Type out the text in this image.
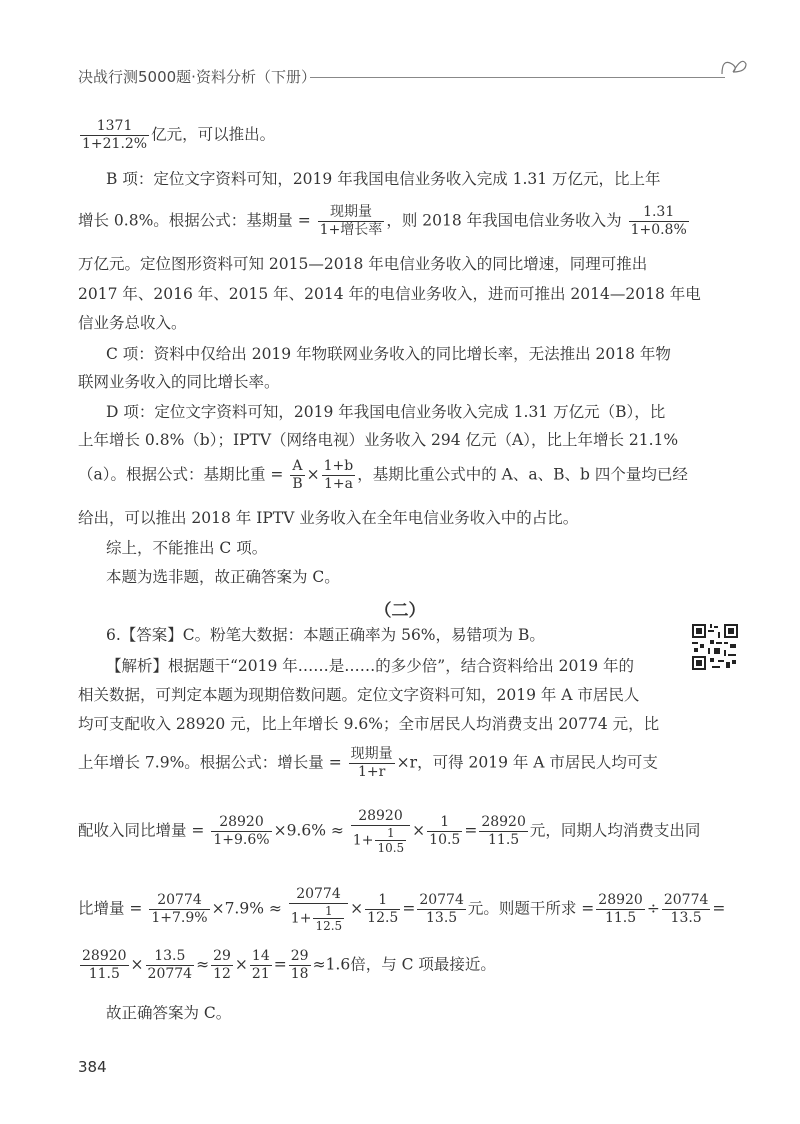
决战行测5000题·资料分析（下册）
$\frac{1371}{1+21.2\%}$ 亿元，可以推出。
B 项：定位文字资料可知，2019 年我国电信业务收入完成 1.31 万亿元，比上年
增长 0.8%。根据公式：基期量 = $\frac{\text{现期量}}{\text{1+增长率}}$ ，则 2018 年我国电信业务收入为 $\frac{1.31}{1+0.8\%}$
万亿元。定位图形资料可知 2015—2018 年电信业务收入的同比增速，同理可推出
2017 年、2016 年、2015 年、2014 年的电信业务收入，进而可推出 2014—2018 年电
信业务总收入。
C 项：资料中仅给出 2019 年物联网业务收入的同比增长率，无法推出 2018 年物
联网业务收入的同比增长率。
D 项：定位文字资料可知，2019 年我国电信业务收入完成 1.31 万亿元（B），比
上年增长 0.8%（b）；IPTV（网络电视）业务收入 294 亿元（A），比上年增长 21.1%
（a）。根据公式：基期比重 = $\frac{A}{B} \times \frac{1+b}{1+a}$ ，基期比重公式中的 A、a、B、b 四个量均已经
给出，可以推出 2018 年 IPTV 业务收入在全年电信业务收入中的占比。
综上，不能推出 C 项。
本题为选非题，故正确答案为 C。
（二）
6.【答案】C。粉笔大数据：本题正确率为 56%，易错项为 B。
【解析】根据题干“2019 年……是……的多少倍”，结合资料给出 2019 年的
相关数据，可判定本题为现期倍数问题。定位文字资料可知，2019 年 A 市居民人
均可支配收入 28920 元，比上年增长 9.6%；全市居民人均消费支出 20774 元，比
上年增长 7.9%。根据公式：增长量 = $\frac{\text{现期量}}{1+r} \times r$，可得 2019 年 A 市居民人均可支
配收入同比增量 = $\frac{28920}{1+9.6\%} \times 9.6\% \approx \frac{28920}{1+ \frac{1}{10.5}} \times \frac{1}{10.5} = \frac{28920}{11.5}$ 元，同期人均消费支出同
比增量 = $\frac{20774}{1+7.9\%} \times 7.9\% \approx \frac{20774}{1+ \frac{1}{12.5}} \times \frac{1}{12.5} = \frac{20774}{13.5}$ 元。则题干所求 = $\frac{28920}{11.5} \div \frac{20774}{13.5}$ =
$\frac{28920}{11.5} \times \frac{13.5}{20774} \approx \frac{29}{12} \times \frac{14}{21} = \frac{29}{18} \approx 1.6$倍，与 C 项最接近。
故正确答案为 C。
384
